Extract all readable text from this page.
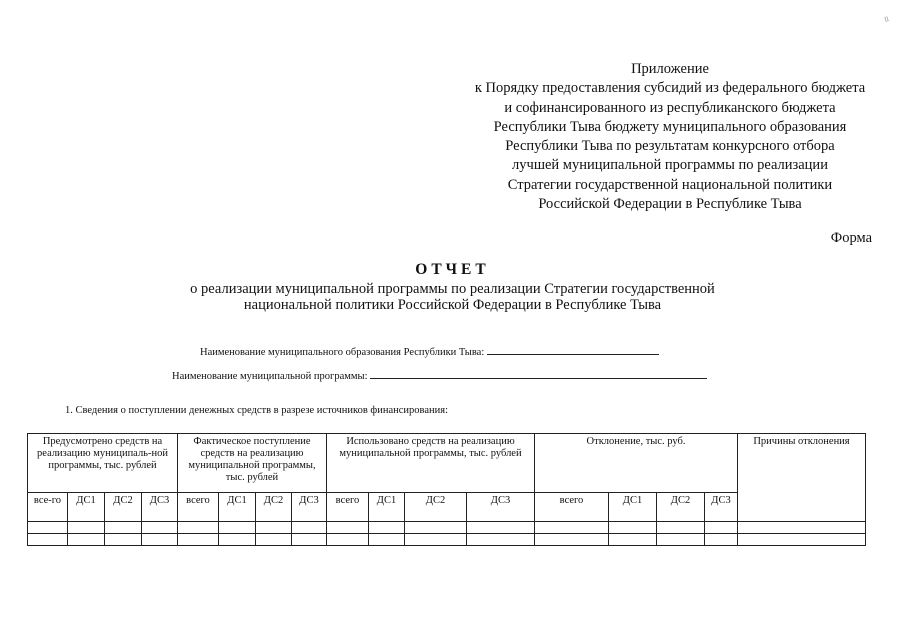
≈
Приложение
к Порядку предоставления субсидий из федерального бюджета
и софинансированного из республиканского бюджета
Республики Тыва бюджету муниципального образования
Республики Тыва по результатам конкурсного отбора
лучшей муниципальной программы по реализации
Стратегии государственной национальной политики
Российской Федерации в Республике Тыва
Форма
ОТЧЕТ
о реализации муниципальной программы по реализации Стратегии государственной
национальной политики Российской Федерации в Республике Тыва
Наименование муниципального образования Республики Тыва:
Наименование муниципальной программы:
1. Сведения о поступлении денежных средств в разрезе источников финансирования:
Предусмотрено средств на реализацию муниципаль-ной программы, тыс. рублей				Фактическое поступление средств на реализацию муниципальной программы, тыс. рублей				Использовано средств на реализацию муниципальной программы, тыс. рублей				Отклонение, тыс. руб.				Причины отклонения
все-го	ДС1	ДС2	ДС3	всего	ДС1	ДС2	ДС3	всего	ДС1	ДС2	ДС3	всего	ДС1	ДС2	ДС3	
